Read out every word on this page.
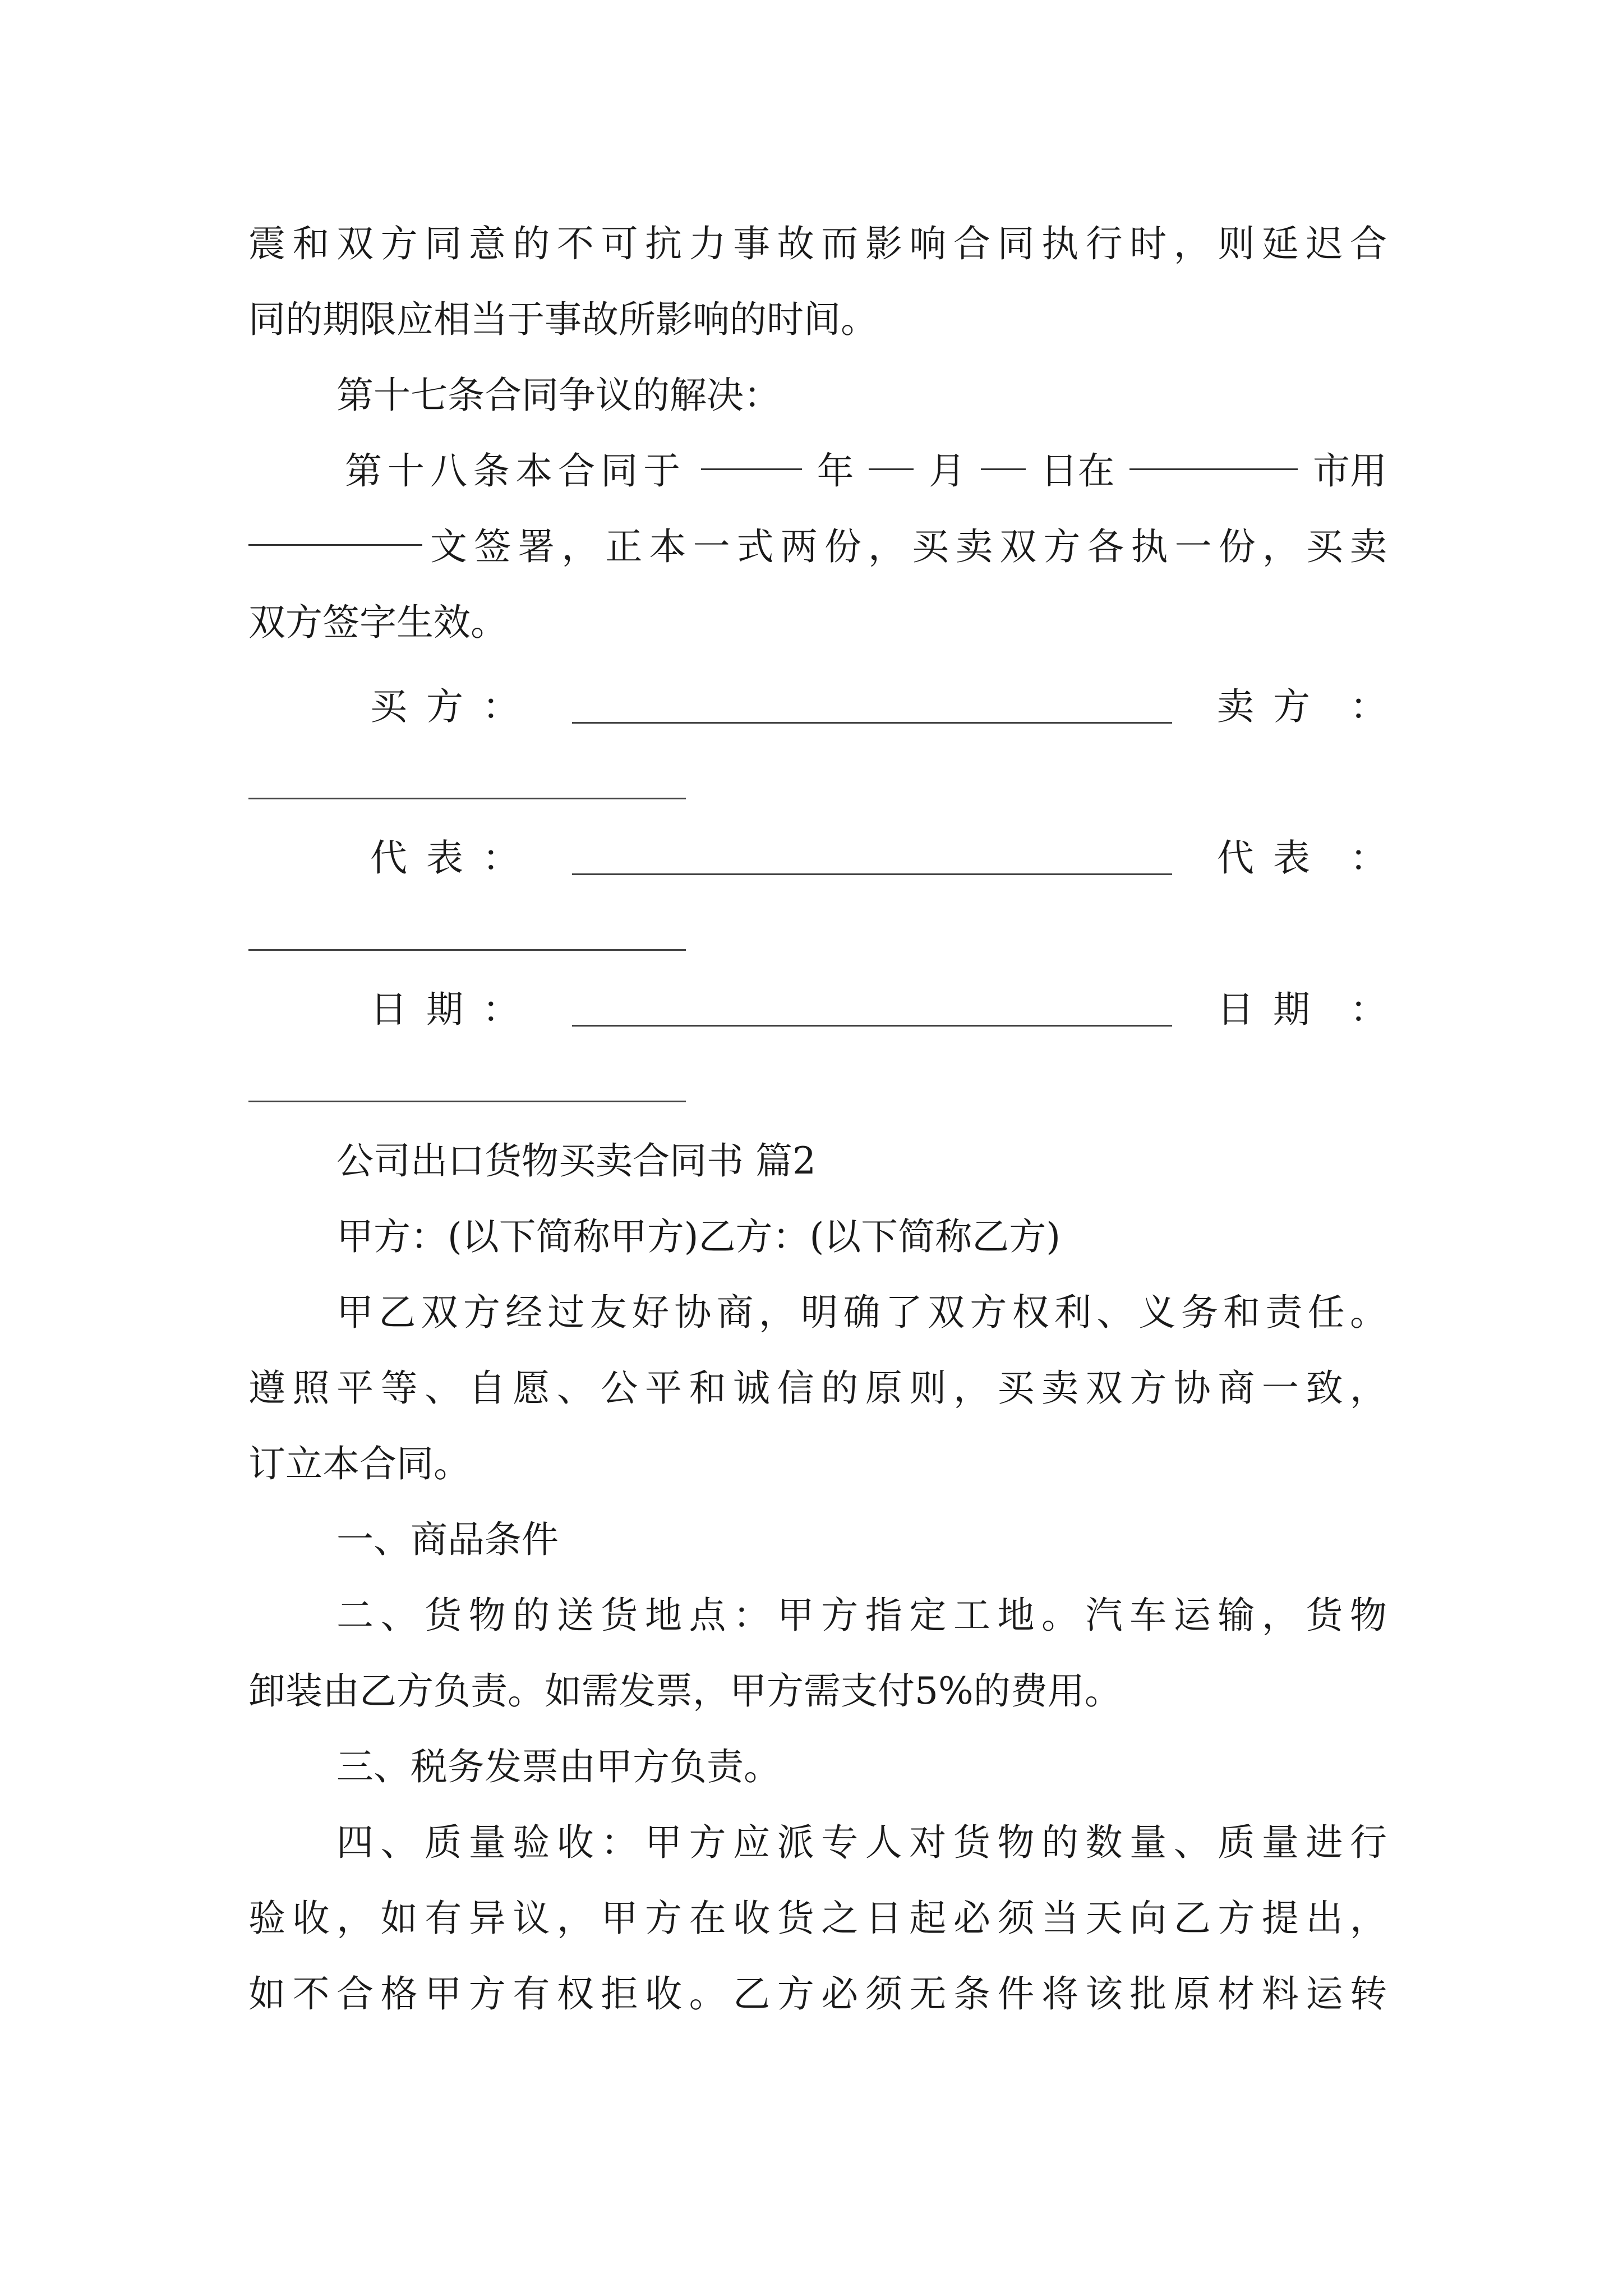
震和双方同意的不可抗力事故而影响合同执行时，则延迟合
同的期限应相当于事故所影响的时间。
第十七条合同争议的解决：
第十八条本合同于	年 月 日在	市用
文签署，正本一式两份，买卖双方各执一份，买卖
双方签字生效。
买方：	卖方 ：
代表：	代表 ：
日期：	日期 ：
公司出口货物买卖合同书 篇2
甲方：(以下简称甲方)乙方：(以下简称乙方)
甲乙双方经过友好协商，明确了双方权利、义务和责任。
遵照平等、自愿、公平和诚信的原则，买卖双方协商一致，
订立本合同。
一、商品条件
二、货物的送货地点：甲方指定工地。汽车运输，货物
卸装由乙方负责。如需发票，甲方需支付5%的费用。
三、税务发票由甲方负责。
四、质量验收：甲方应派专人对货物的数量、质量进行
验收，如有异议，甲方在收货之日起必须当天向乙方提出，
如不合格甲方有权拒收。乙方必须无条件将该批原材料运转
